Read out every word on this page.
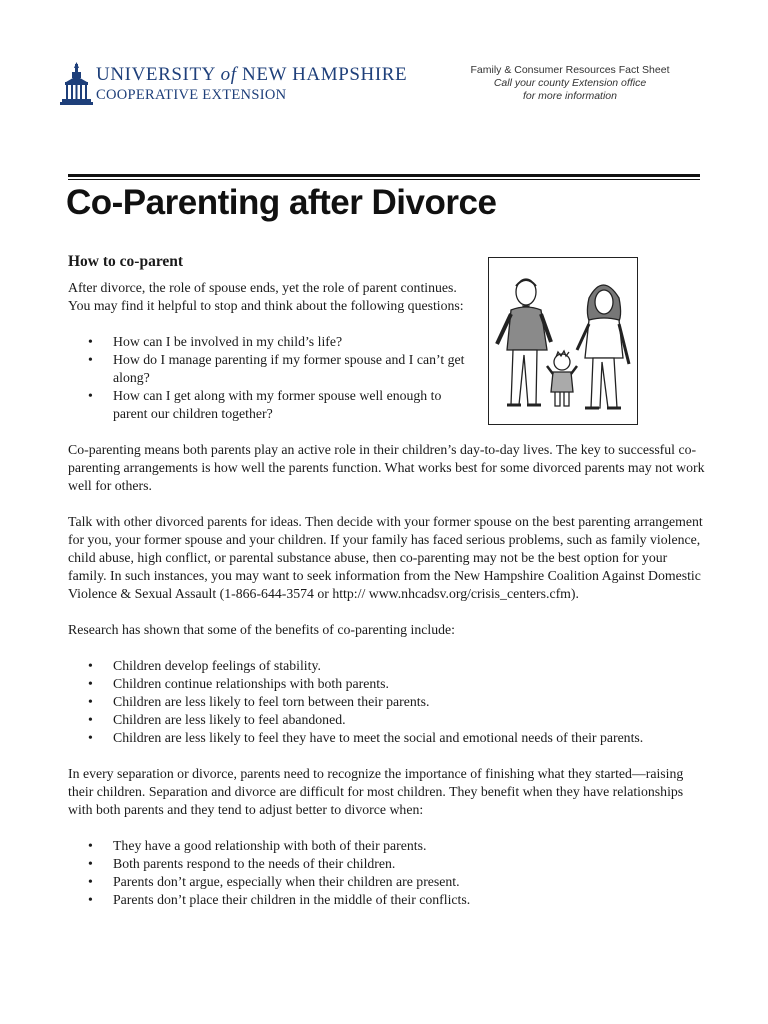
UNIVERSITY of NEW HAMPSHIRE
COOPERATIVE EXTENSION
Family & Consumer Resources Fact Sheet
Call your county Extension office
for more information
Co-Parenting after Divorce
How to co-parent

After divorce, the role of spouse ends, yet the role of parent continues. You may find it helpful to stop and think about the following questions:

• How can I be involved in my child’s life?
• How do I manage parenting if my former spouse and I can’t get along?
• How can I get along with my former spouse well enough to parent our children together?

Co-parenting means both parents play an active role in their children’s day-to-day lives. The key to successful co-parenting arrangements is how well the parents function. What works best for some divorced parents may not work well for others.

Talk with other divorced parents for ideas. Then decide with your former spouse on the best parenting arrangement for you, your former spouse and your children. If your family has faced serious problems, such as family violence, child abuse, high conflict, or parental substance abuse, then co-parenting may not be the best option for your family. In such instances, you may want to seek information from the New Hampshire Coalition Against Domestic Violence & Sexual Assault (1-866-644-3574 or http:// www.nhcadsv.org/crisis_centers.cfm).

Research has shown that some of the benefits of co-parenting include:

• Children develop feelings of stability.
• Children continue relationships with both parents.
• Children are less likely to feel torn between their parents.
• Children are less likely to feel abandoned.
• Children are less likely to feel they have to meet the social and emotional needs of their parents.

In every separation or divorce, parents need to recognize the importance of finishing what they started—raising their children. Separation and divorce are difficult for most children. They benefit when they have relationships with both parents and they tend to adjust better to divorce when:

• They have a good relationship with both of their parents.
• Both parents respond to the needs of their children.
• Parents don’t argue, especially when their children are present.
• Parents don’t place their children in the middle of their conflicts.
